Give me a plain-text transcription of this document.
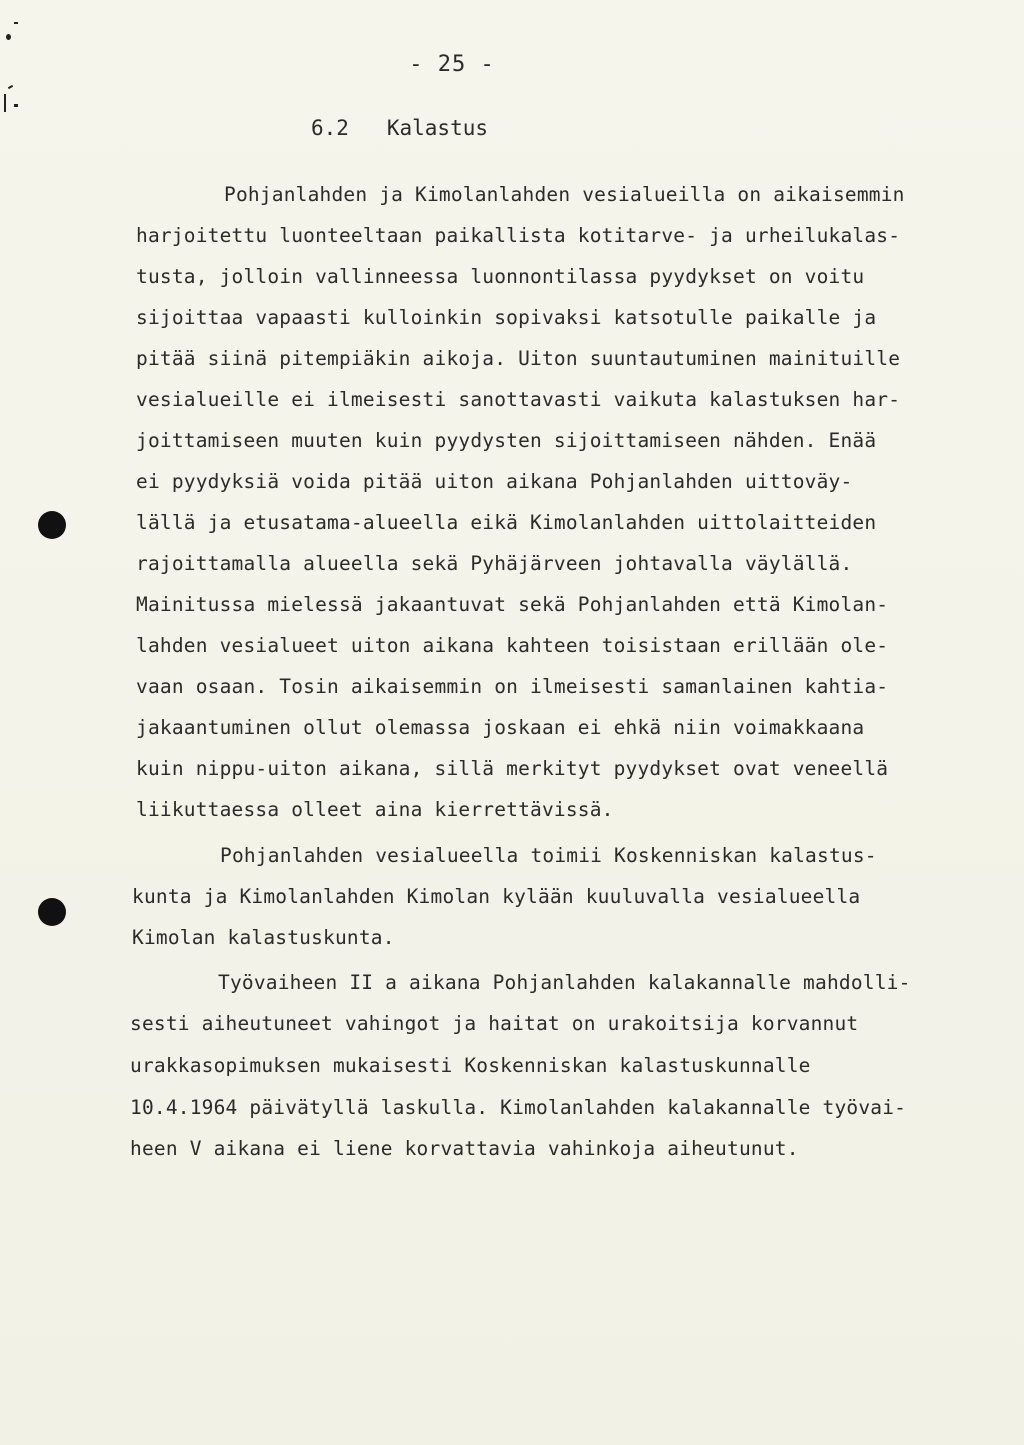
- 25 -
6.2   Kalastus
Pohjanlahden ja Kimolanlahden vesialueilla on aikaisemmin
harjoitettu luonteeltaan paikallista kotitarve- ja urheilukalas-
tusta, jolloin vallinneessa luonnontilassa pyydykset on voitu
sijoittaa vapaasti kulloinkin sopivaksi katsotulle paikalle ja
pitää siinä pitempiäkin aikoja. Uiton suuntautuminen mainituille
vesialueille ei ilmeisesti sanottavasti vaikuta kalastuksen har-
joittamiseen muuten kuin pyydysten sijoittamiseen nähden. Enää
ei pyydyksiä voida pitää uiton aikana Pohjanlahden uittoväy-
lällä ja etusatama-alueella eikä Kimolanlahden uittolaitteiden
rajoittamalla alueella sekä Pyhäjärveen johtavalla väylällä.
Mainitussa mielessä jakaantuvat sekä Pohjanlahden että Kimolan-
lahden vesialueet uiton aikana kahteen toisistaan erillään ole-
vaan osaan. Tosin aikaisemmin on ilmeisesti samanlainen kahtia-
jakaantuminen ollut olemassa joskaan ei ehkä niin voimakkaana
kuin nippu-uiton aikana, sillä merkityt pyydykset ovat veneellä
liikuttaessa olleet aina kierrettävissä.
Pohjanlahden vesialueella toimii Koskenniskan kalastus-
kunta ja Kimolanlahden Kimolan kylään kuuluvalla vesialueella
Kimolan kalastuskunta.
Työvaiheen II a aikana Pohjanlahden kalakannalle mahdolli-
sesti aiheutuneet vahingot ja haitat on urakoitsija korvannut
urakkasopimuksen mukaisesti Koskenniskan kalastuskunnalle
10.4.1964 päivätyllä laskulla. Kimolanlahden kalakannalle työvai-
heen V aikana ei liene korvattavia vahinkoja aiheutunut.
